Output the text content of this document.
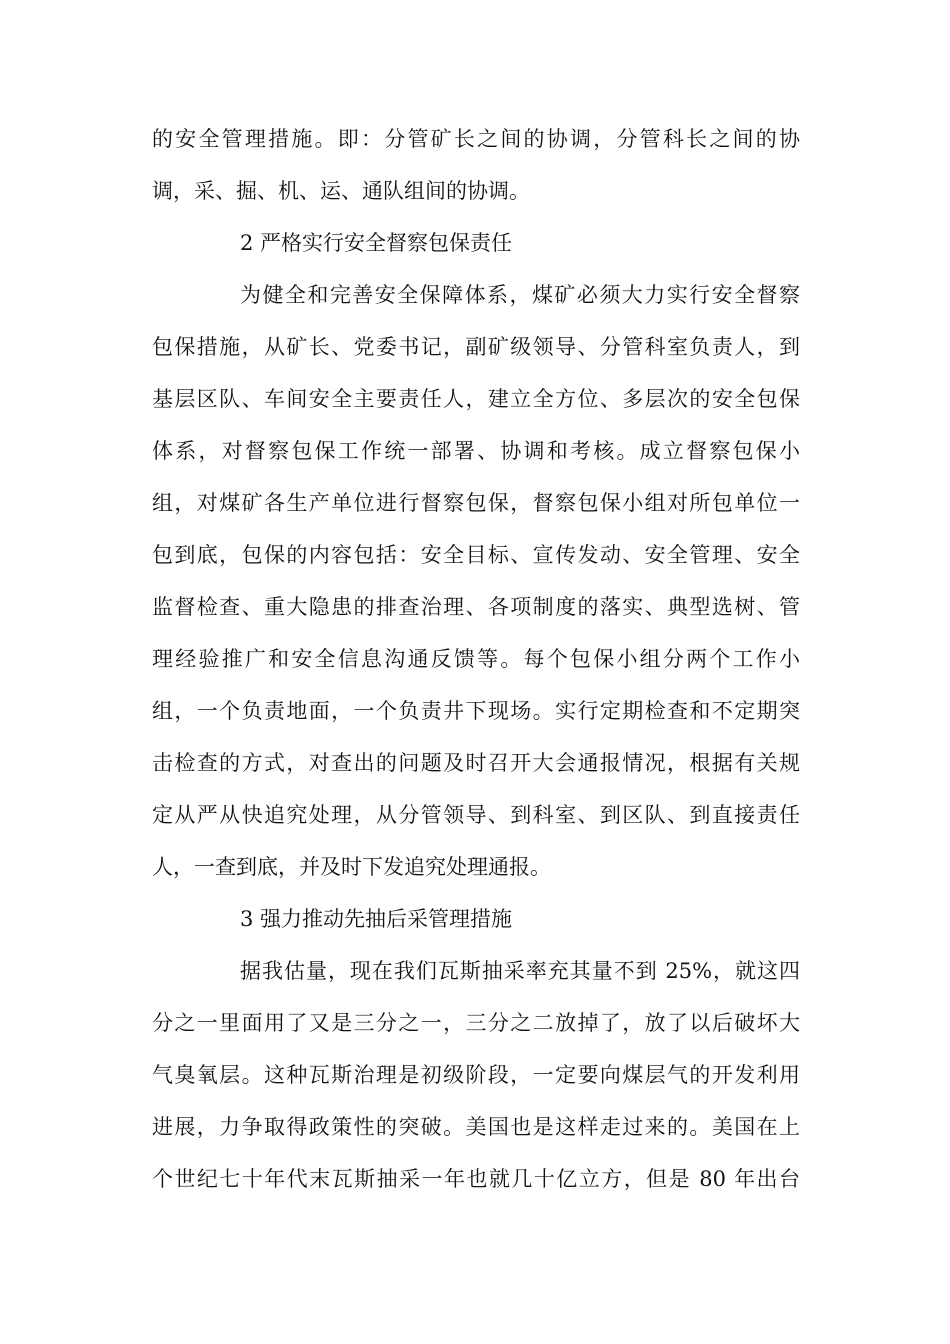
的安全管理措施。即：分管矿长之间的协调，分管科长之间的协
调，采、掘、机、运、通队组间的协调。
2 严格实行安全督察包保责任
为健全和完善安全保障体系，煤矿必须大力实行安全督察
包保措施，从矿长、党委书记，副矿级领导、分管科室负责人，到
基层区队、车间安全主要责任人，建立全方位、多层次的安全包保
体系，对督察包保工作统一部署、协调和考核。成立督察包保小
组，对煤矿各生产单位进行督察包保，督察包保小组对所包单位一
包到底，包保的内容包括：安全目标、宣传发动、安全管理、安全
监督检查、重大隐患的排查治理、各项制度的落实、典型选树、管
理经验推广和安全信息沟通反馈等。每个包保小组分两个工作小
组，一个负责地面，一个负责井下现场。实行定期检查和不定期突
击检查的方式，对查出的问题及时召开大会通报情况，根据有关规
定从严从快追究处理，从分管领导、到科室、到区队、到直接责任
人，一查到底，并及时下发追究处理通报。
3 强力推动先抽后采管理措施
据我估量，现在我们瓦斯抽采率充其量不到 25%，就这四
分之一里面用了又是三分之一，三分之二放掉了，放了以后破坏大
气臭氧层。这种瓦斯治理是初级阶段，一定要向煤层气的开发利用
进展，力争取得政策性的突破。美国也是这样走过来的。美国在上
个世纪七十年代末瓦斯抽采一年也就几十亿立方，但是 80 年出台
